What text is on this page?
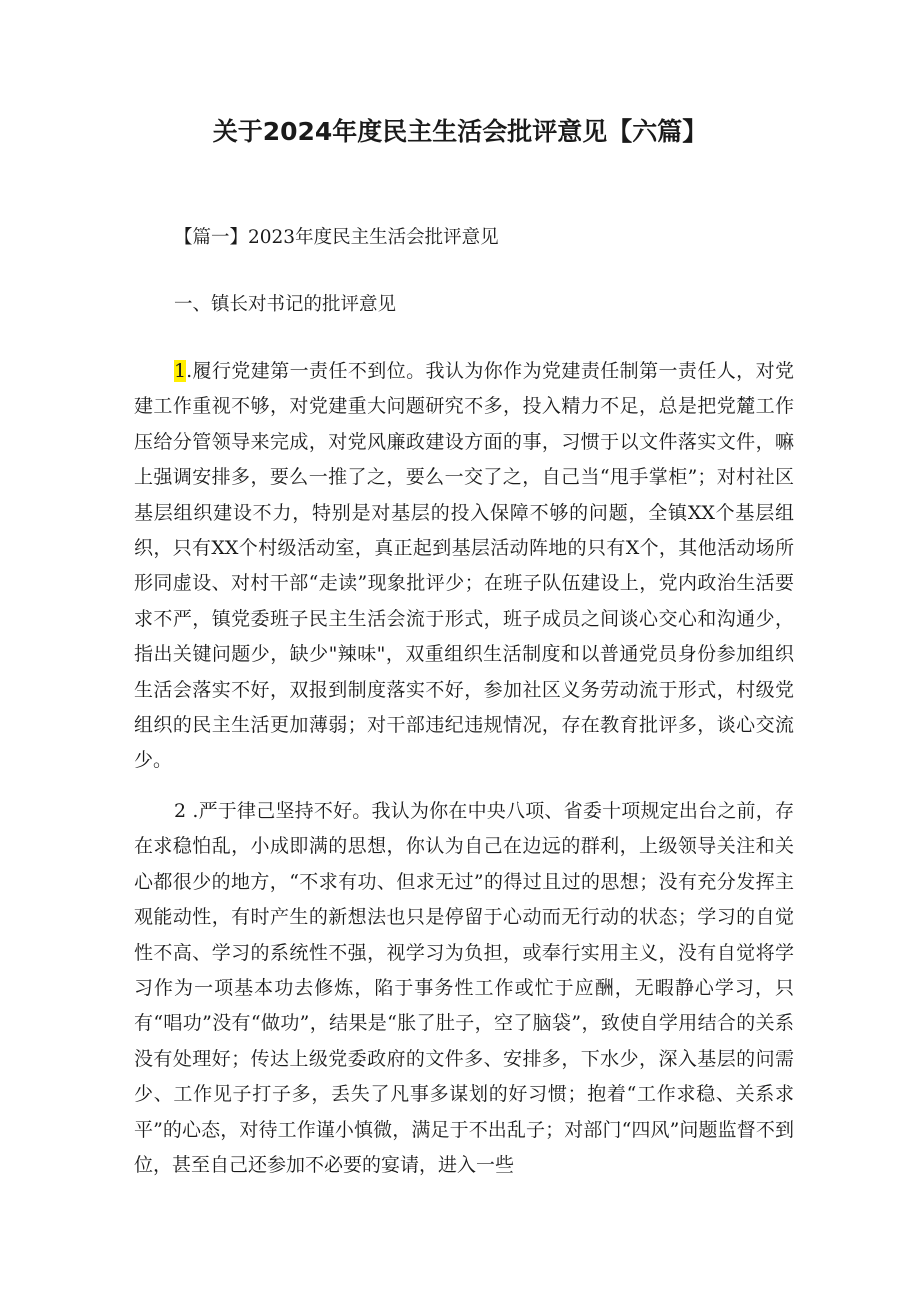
关于2024年度民主生活会批评意见【六篇】

【篇一】2023年度民主生活会批评意见

一、镇长对书记的批评意见

1.履行党建第一责任不到位。我认为你作为党建责任制第一责任人，对党建工作重视不够，对党建重大问题研究不多，投入精力不足，总是把党麓工作压给分管领导来完成，对党风廉政建设方面的事，习惯于以文件落实文件，嘛上强调安排多，要么一推了之，要么一交了之，自己当“甩手掌柜”；对村社区基层组织建设不力，特别是对基层的投入保障不够的问题，全镇XX个基层组织，只有XX个村级活动室，真正起到基层活动阵地的只有X个，其他活动场所形同虚设、对村干部“走读”现象批评少；在班子队伍建设上，党内政治生活要求不严，镇党委班子民主生活会流于形式，班子成员之间谈心交心和沟通少，指出关键问题少，缺少"辣味"，双重组织生活制度和以普通党员身份参加组织生活会落实不好，双报到制度落实不好，参加社区义务劳动流于形式，村级党组织的民主生活更加薄弱；对干部违纪违规情况，存在教育批评多，谈心交流少。

2 .严于律己坚持不好。我认为你在中央八项、省委十项规定出台之前，存在求稳怕乱，小成即满的思想，你认为自己在边远的群利，上级领导关注和关心都很少的地方，“不求有功、但求无过”的得过且过的思想；没有充分发挥主观能动性，有时产生的新想法也只是停留于心动而无行动的状态；学习的自觉性不高、学习的系统性不强，视学习为负担，或奉行实用主义，没有自觉将学习作为一项基本功去修炼，陷于事务性工作或忙于应酬，无暇静心学习，只有“唱功”没有“做功”，结果是“胀了肚子，空了脑袋”，致使自学用结合的关系没有处理好；传达上级党委政府的文件多、安排多，下水少，深入基层的问需少、工作见子打子多，丢失了凡事多谋划的好习惯；抱着“工作求稳、关系求平”的心态，对待工作谨小慎微，满足于不出乱子；对部门“四风”问题监督不到位，甚至自己还参加不必要的宴请，进入一些
